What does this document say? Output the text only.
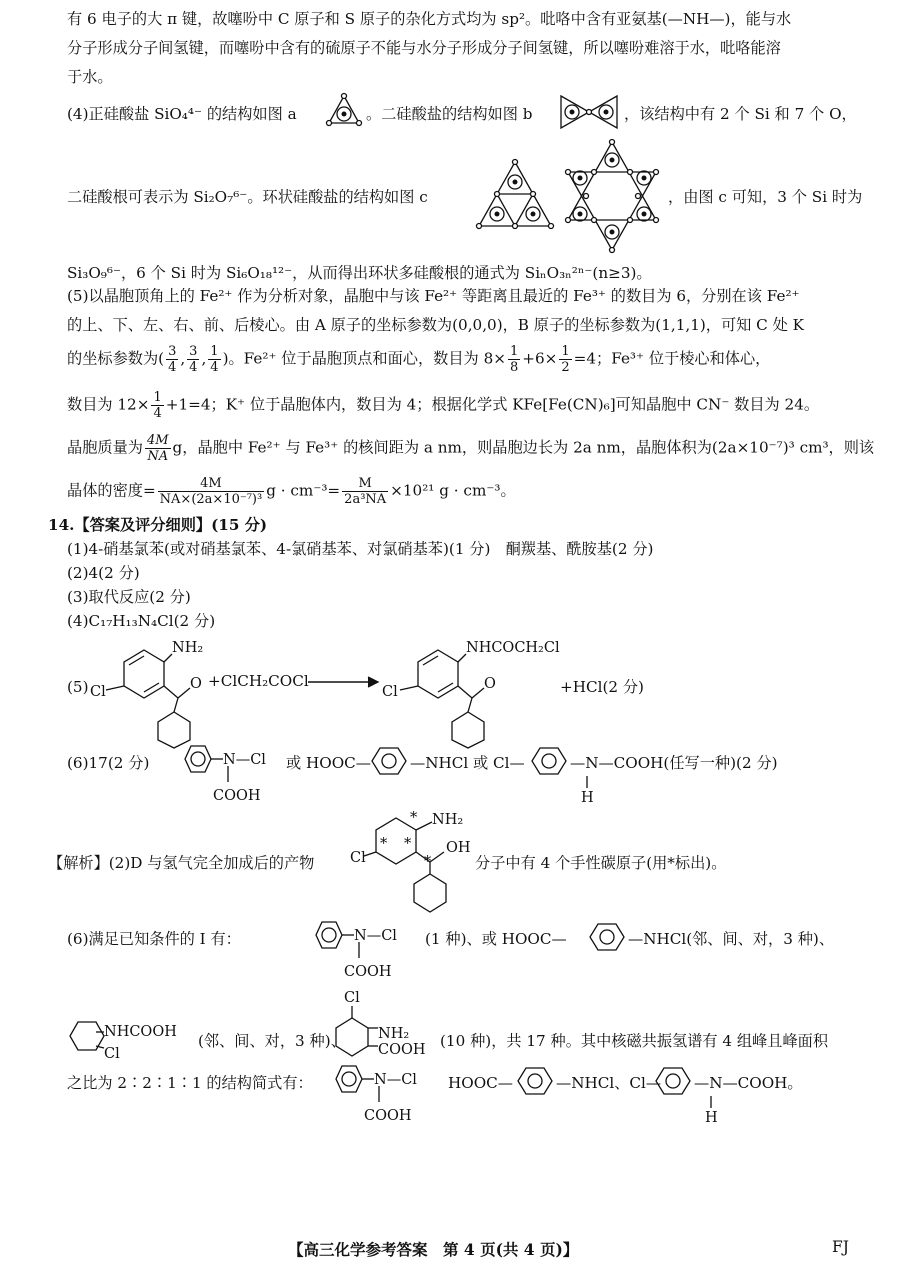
有 6 电子的大 π 键，故噻吩中 C 原子和 S 原子的杂化方式均为 sp²。吡咯中含有亚氨基(—NH—)，能与水
分子形成分子间氢键，而噻吩中含有的硫原子不能与水分子形成分子间氢键，所以噻吩难溶于水，吡咯能溶
于水。
(4)正硅酸盐 SiO₄⁴⁻ 的结构如图 a	。二硅酸盐的结构如图 b	，该结构中有 2 个 Si 和 7 个 O，
二硅酸根可表示为 Si₂O₇⁶⁻。环状硅酸盐的结构如图 c	，由图 c 可知，3 个 Si 时为
Si₃O₉⁶⁻，6 个 Si 时为 Si₆O₁₈¹²⁻，从而得出环状多硅酸根的通式为 SiₙO₃ₙ²ⁿ⁻(n≥3)。
(5)以晶胞顶角上的 Fe²⁺ 作为分析对象，晶胞中与该 Fe²⁺ 等距离且最近的 Fe³⁺ 的数目为 6，分别在该 Fe²⁺
的上、下、左、右、前、后棱心。由 A 原子的坐标参数为(0,0,0)，B 原子的坐标参数为(1,1,1)，可知 C 处 K
的坐标参数为( $\frac{3}{4}$ , $\frac{3}{4}$ , $\frac{1}{4}$ )。Fe²⁺ 位于晶胞顶点和面心，数目为 $8\times \frac{1}{8} +6\times \frac{1}{2} =4$；Fe³⁺ 位于棱心和体心，
数目为 $12\times \frac{1}{4} +1=4$；K⁺ 位于晶胞体内，数目为 4；根据化学式 KFe[Fe(CN)₆]可知晶胞中 CN⁻ 数目为 24。
晶胞质量为 $\frac{4M}{NA}$ g，晶胞中 Fe²⁺ 与 Fe³⁺ 的核间距为 a nm，则晶胞边长为 2a nm，晶胞体积为(2a×10⁻⁷)³ cm³，则该
晶体的密度= $\frac{4M}{\text{NA×(2a×10⁻⁷)³}}$ $g \cdot cm^{-3}= \frac{M}{\text{2a³NA}} \times 10^{21}$ g · cm⁻³。
14.【答案及评分细则】(15 分)
(1)4-硝基氯苯(或对硝基氯苯、4-氯硝基苯、对氯硝基苯)(1 分)　酮羰基、酰胺基(2 分)
(2)4(2 分)
(3)取代反应(2 分)
(4)C₁₇H₁₃N₄Cl(2 分)
(5)
NH₂
Cl	O +ClCH₂COCl
NHCOCH₂Cl
Cl	O	+HCl(2 分)
(6)17(2 分)	N—Cl
COOH
或 HOOC—	—NHCl 或 Cl—	—N—COOH(任写一种)(2 分)
H
【解析】(2)D 与氢气完全加成后的产物
NH₂
*
Cl
* * OH
*	分子中有 4 个手性碳原子(用*标出)。
(6)满足已知条件的 I 有：	N—Cl
COOH
(1 种)、或 HOOC—	—NHCl(邻、间、对，3 种)、
NHCOOH
Cl
(邻、间、对，3 种)、
Cl
NH₂
COOH (10 种)，共 17 种。其中核磁共振氢谱有 4 组峰且峰面积
之比为 2∶2∶1∶1 的结构简式有：	N—Cl
COOH
HOOC—	—NHCl、Cl— —N—COOH。
H
【高三化学参考答案　第 4 页(共 4 页)】	FJ
